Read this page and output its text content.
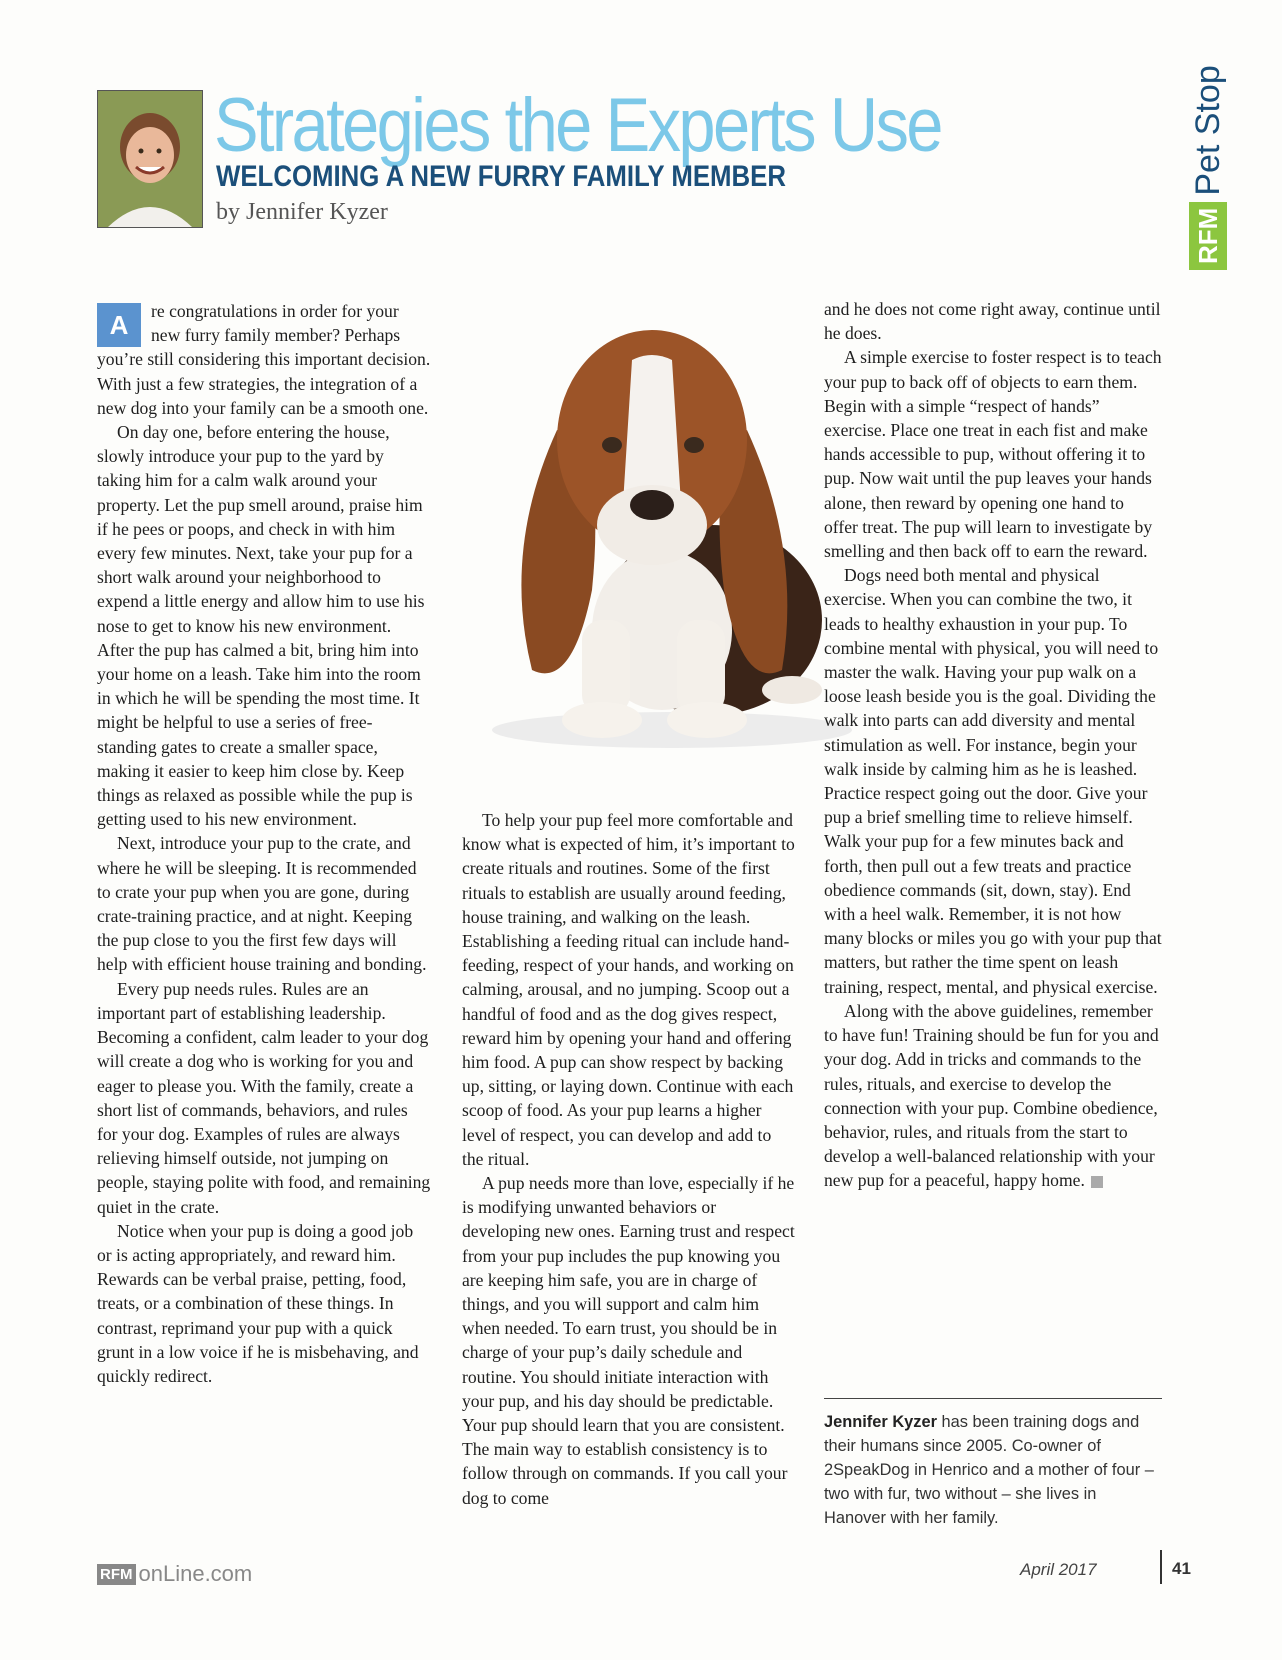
Strategies the Experts Use
WELCOMING A NEW FURRY FAMILY MEMBER

by Jennifer Kyzer	RFM
Pet Stop

A	re congratulations in order for your new furry family member? Perhaps you’re still considering this important decision. With just a few strategies, the integration of a new dog into your family can be a smooth one.

On day one, before entering the house, slowly introduce your pup to the yard by taking him for a calm walk around your property. Let the pup smell around, praise him if he pees or poops, and check in with him every few minutes. Next, take your pup for a short walk around your neighborhood to expend a little energy and allow him to use his nose to get to know his new environment. After the pup has calmed a bit, bring him into your home on a leash. Take him into the room in which he will be spending the most time. It might be helpful to use a series of free-standing gates to create a smaller space, making it easier to keep him close by. Keep things as relaxed as possible while the pup is getting used to his new environment.

Next, introduce your pup to the crate, and where he will be sleeping. It is recommended to crate your pup when you are gone, during crate-training practice, and at night. Keeping the pup close to you the first few days will help with efficient house training and bonding.

Every pup needs rules. Rules are an important part of establishing leadership. Becoming a confident, calm leader to your dog will create a dog who is working for you and eager to please you. With the family, create a short list of commands, behaviors, and rules for your dog. Examples of rules are always relieving himself outside, not jumping on people, staying polite with food, and remaining quiet in the crate.

Notice when your pup is doing a good job or is acting appropriately, and reward him. Rewards can be verbal praise, petting, food, treats, or a combination of these things. In contrast, reprimand your pup with a quick grunt in a low voice if he is misbehaving, and quickly redirect.

To help your pup feel more comfortable and know what is expected of him, it’s important to create rituals and routines. Some of the first rituals to establish are usually around feeding, house training, and walking on the leash. Establishing a feeding ritual can include hand-feeding, respect of your hands, and working on calming, arousal, and no jumping. Scoop out a handful of food and as the dog gives respect, reward him by opening your hand and offering him food. A pup can show respect by backing up, sitting, or laying down. Continue with each scoop of food. As your pup learns a higher level of respect, you can develop and add to the ritual.

A pup needs more than love, especially if he is modifying unwanted behaviors or developing new ones. Earning trust and respect from your pup includes the pup knowing you are keeping him safe, you are in charge of things, and you will support and calm him when needed. To earn trust, you should be in charge of your pup’s daily schedule and routine. You should initiate interaction with your pup, and his day should be predictable. Your pup should learn that you are consistent. The main way to establish consistency is to follow through on commands. If you call your dog to come

and he does not come right away, continue until he does.

A simple exercise to foster respect is to teach your pup to back off of objects to earn them. Begin with a simple “respect of hands” exercise. Place one treat in each fist and make hands accessible to pup, without offering it to pup. Now wait until the pup leaves your hands alone, then reward by opening one hand to offer treat. The pup will learn to investigate by smelling and then back off to earn the reward.

Dogs need both mental and physical exercise. When you can combine the two, it leads to healthy exhaustion in your pup. To combine mental with physical, you will need to master the walk. Having your pup walk on a loose leash beside you is the goal. Dividing the walk into parts can add diversity and mental stimulation as well. For instance, begin your walk inside by calming him as he is leashed. Practice respect going out the door. Give your pup a brief smelling time to relieve himself. Walk your pup for a few minutes back and forth, then pull out a few treats and practice obedience commands (sit, down, stay). End with a heel walk. Remember, it is not how many blocks or miles you go with your pup that matters, but rather the time spent on leash training, respect, mental, and physical exercise.

Along with the above guidelines, remember to have fun! Training should be fun for you and your dog. Add in tricks and commands to the rules, rituals, and exercise to develop the connection with your pup. Combine obedience, behavior, rules, and rituals from the start to develop a well-balanced relationship with your new pup for a peaceful, happy home.

Jennifer Kyzer has been training dogs and their humans since 2005. Co-owner of 2SpeakDog in Henrico and a mother of four – two with fur, two without – she lives in Hanover with her family.

RFM onLine.com	April 2017	41
